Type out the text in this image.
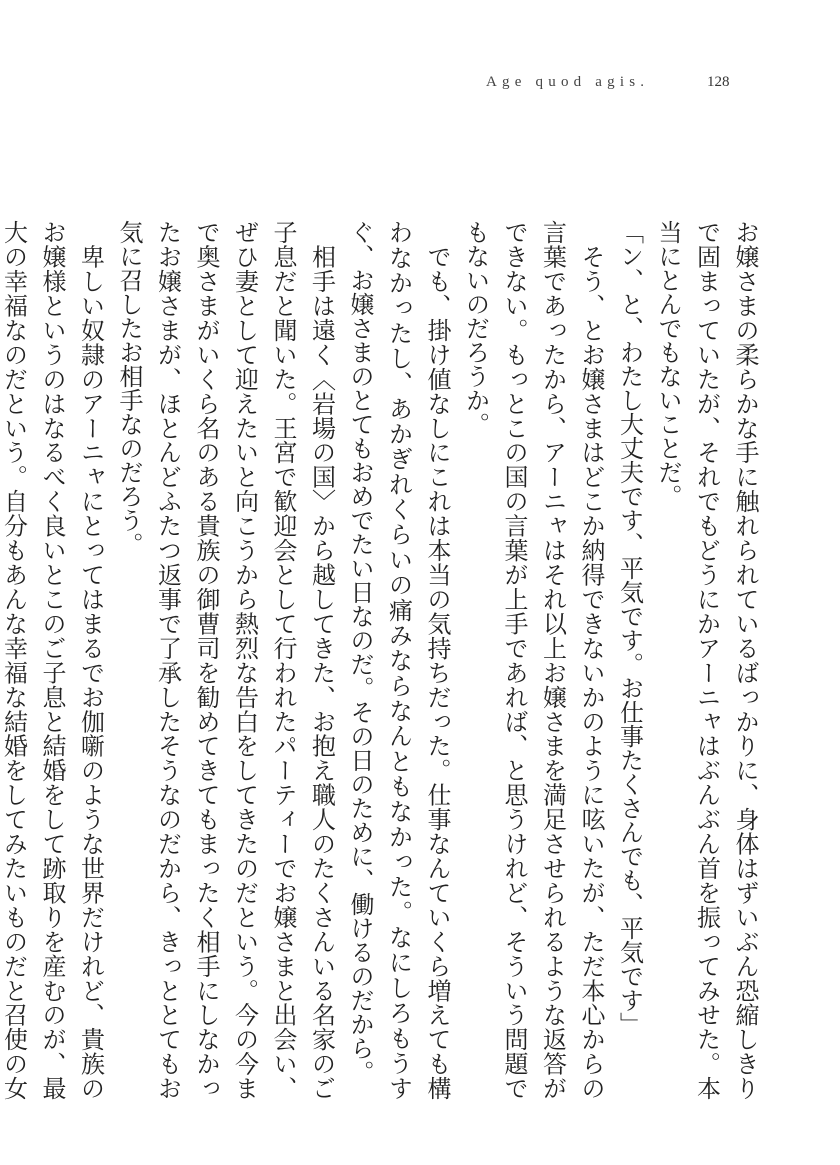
Age quod agis.	128

お嬢さまの柔らかな手に触れられているばっかりに、身体はずいぶん恐縮しきりで固まっていたが、それでもどうにかアーニャはぶんぶん首を振ってみせた。本当にとんでもないことだ。

「ン、と、わたし大丈夫です、平気です。お仕事たくさんでも、平気です」

　そう、とお嬢さまはどこか納得できないかのように呟いたが、ただ本心からの言葉であったから、アーニャはそれ以上お嬢さまを満足させられるような返答ができない。もっとこの国の言葉が上手であれば、と思うけれど、そういう問題でもないのだろうか。

　でも、掛け値なしにこれは本当の気持ちだった。仕事なんていくら増えても構わなかったし、あかぎれくらいの痛みならなんともなかった。なにしろもうすぐ、お嬢さまのとてもおめでたい日なのだ。その日のために、働けるのだから。

　相手は遠く〈岩場の国〉から越してきた、お抱え職人のたくさんいる名家のご子息だと聞いた。王宮で歓迎会として行われたパーティーでお嬢さまと出会い、ぜひ妻として迎えたいと向こうから熱烈な告白をしてきたのだという。今の今まで奥さまがいくら名のある貴族の御曹司を勧めてきてもまったく相手にしなかったお嬢さまが、ほとんどふたつ返事で了承したそうなのだから、きっととてもお気に召したお相手なのだろう。

　卑しい奴隷のアーニャにとってはまるでお伽噺のような世界だけれど、貴族のお嬢様というのはなるべく良いとこのご子息と結婚をして跡取りを産むのが、最大の幸福なのだという。自分もあんな幸福な結婚をしてみたいものだと召使の女
